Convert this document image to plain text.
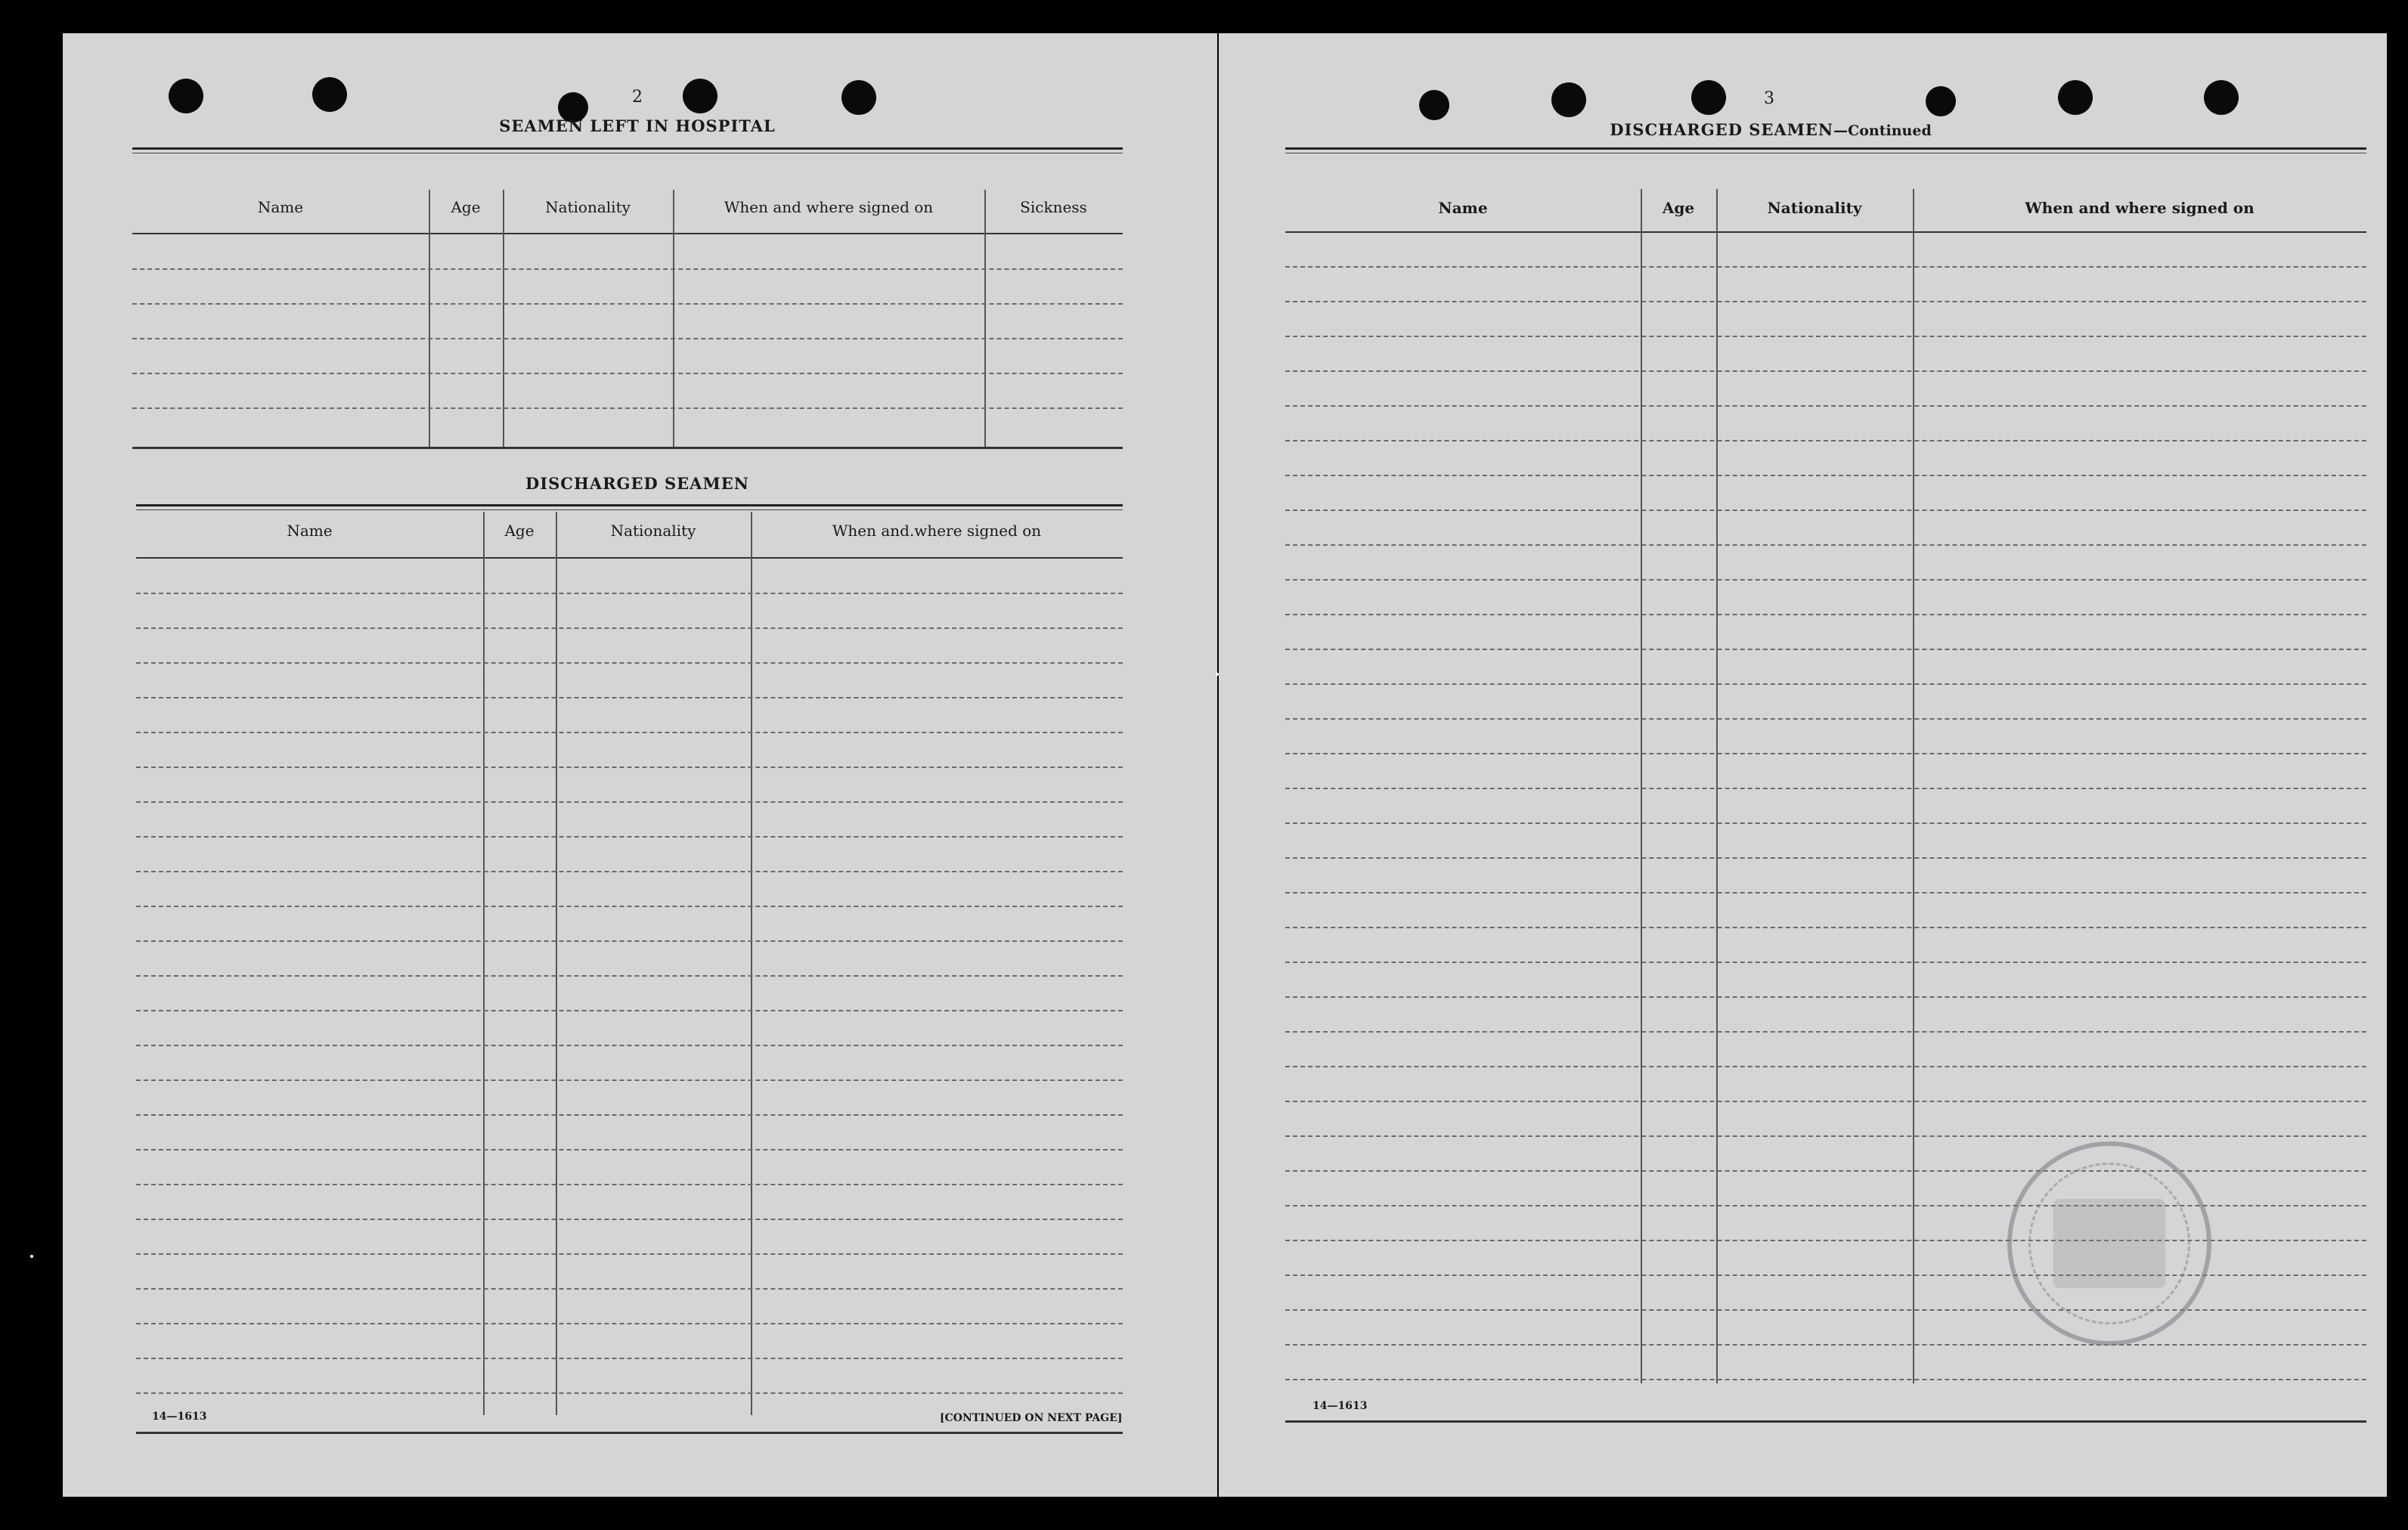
2
SEAMEN LEFT IN HOSPITAL
Name	Age	Nationality	When and where signed on	Sickness
DISCHARGED SEAMEN
Name	Age	Nationality	When and.where signed on
14—1613	[CONTINUED ON NEXT PAGE]
3
DISCHARGED SEAMEN—Continued
Name	Age	Nationality	When and where signed on
14—1613
